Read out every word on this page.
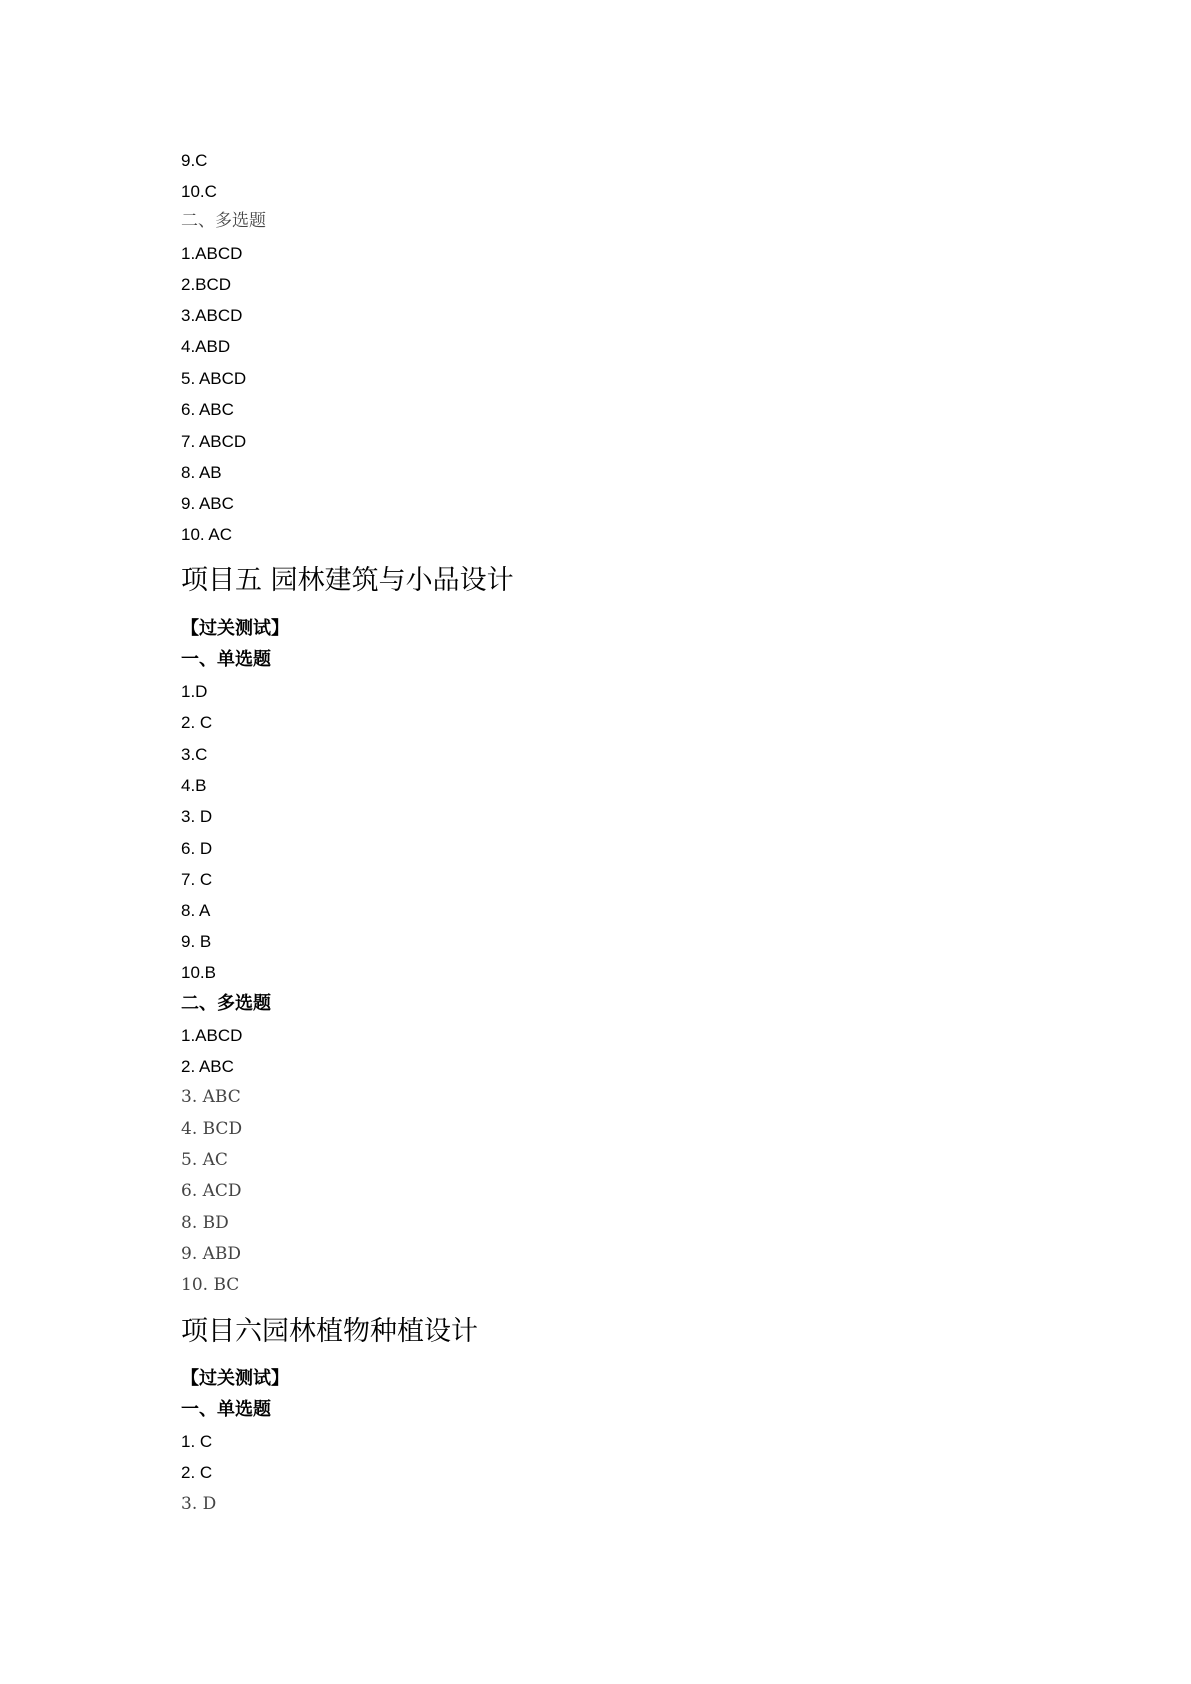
9.C
10.C
二、多选题
1.ABCD
2.BCD
3.ABCD
4.ABD
5. ABCD
6. ABC
7. ABCD
8. AB
9. ABC
10. AC
项目五 园林建筑与小品设计
【过关测试】
一、单选题
1.D
2. C
3.C
4.B
3. D
6. D
7. C
8. A
9. B
10.B
二、多选题
1.ABCD
2. ABC
3. ABC
4. BCD
5. AC
6. ACD
8. BD
9. ABD
10. BC
项目六园林植物种植设计
【过关测试】
一、单选题
1. C
2. C
3. D
